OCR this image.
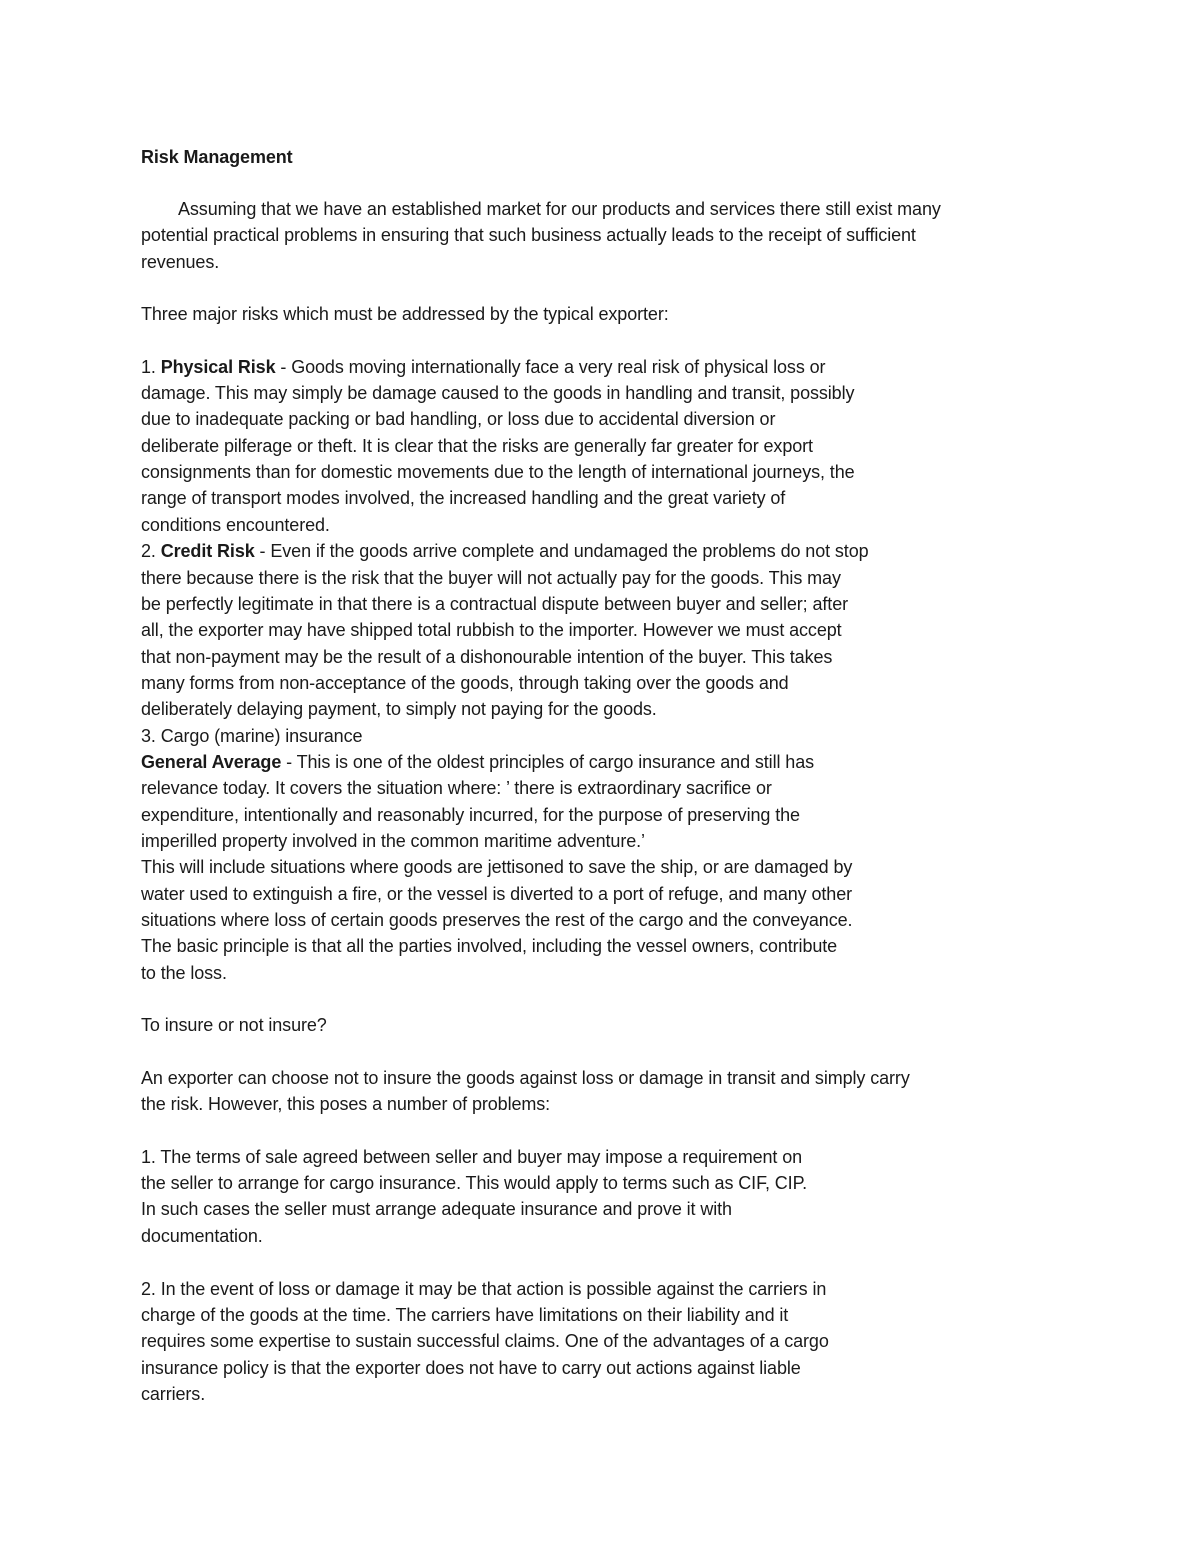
Risk Management
Assuming that we have an established market for our products and services there still exist many
potential practical problems in ensuring that such business actually leads to the receipt of sufficient
revenues.
Three major risks which must be addressed by the typical exporter:
1. Physical Risk - Goods moving internationally face a very real risk of physical loss or
damage. This may simply be damage caused to the goods in handling and transit, possibly
due to inadequate packing or bad handling, or loss due to accidental diversion or
deliberate pilferage or theft. It is clear that the risks are generally far greater for export
consignments than for domestic movements due to the length of international journeys, the
range of transport modes involved, the increased handling and the great variety of
conditions encountered.
2. Credit Risk - Even if the goods arrive complete and undamaged the problems do not stop
there because there is the risk that the buyer will not actually pay for the goods. This may
be perfectly legitimate in that there is a contractual dispute between buyer and seller; after
all, the exporter may have shipped total rubbish to the importer. However we must accept
that non-payment may be the result of a dishonourable intention of the buyer. This takes
many forms from non-acceptance of the goods, through taking over the goods and
deliberately delaying payment, to simply not paying for the goods.
3. Cargo (marine) insurance
General Average - This is one of the oldest principles of cargo insurance and still has
relevance today. It covers the situation where: ’ there is extraordinary sacrifice or
expenditure, intentionally and reasonably incurred, for the purpose of preserving the
imperilled property involved in the common maritime adventure.’
This will include situations where goods are jettisoned to save the ship, or are damaged by
water used to extinguish a fire, or the vessel is diverted to a port of refuge, and many other
situations where loss of certain goods preserves the rest of the cargo and the conveyance.
The basic principle is that all the parties involved, including the vessel owners, contribute
to the loss.
To insure or not insure?
An exporter can choose not to insure the goods against loss or damage in transit and simply carry
the risk. However, this poses a number of problems:
1. The terms of sale agreed between seller and buyer may impose a requirement on
the seller to arrange for cargo insurance. This would apply to terms such as CIF, CIP.
In such cases the seller must arrange adequate insurance and prove it with
documentation.
2. In the event of loss or damage it may be that action is possible against the carriers in
charge of the goods at the time. The carriers have limitations on their liability and it
requires some expertise to sustain successful claims. One of the advantages of a cargo
insurance policy is that the exporter does not have to carry out actions against liable
carriers.
